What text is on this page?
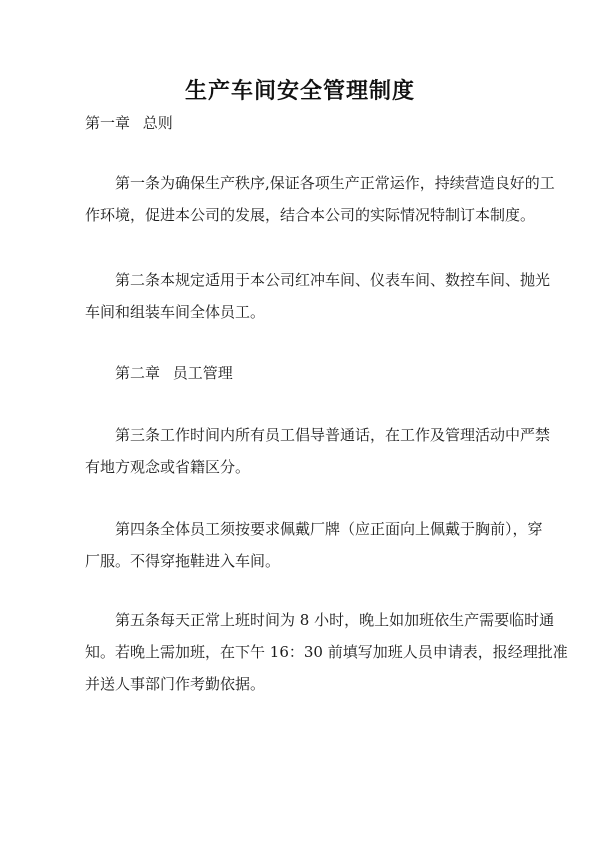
生产车间安全管理制度

第一章 总则

第一条为确保生产秩序,保证各项生产正常运作，持续营造良好的工
作环境，促进本公司的发展，结合本公司的实际情况特制订本制度。

第二条本规定适用于本公司红冲车间、仪表车间、数控车间、抛光
车间和组装车间全体员工。

第二章 员工管理

第三条工作时间内所有员工倡导普通话，在工作及管理活动中严禁
有地方观念或省籍区分。

第四条全体员工须按要求佩戴厂牌（应正面向上佩戴于胸前），穿
厂服。不得穿拖鞋进入车间。

第五条每天正常上班时间为 8 小时，晚上如加班依生产需要临时通
知。若晚上需加班，在下午 16：30 前填写加班人员申请表，报经理批准
并送人事部门作考勤依据。
